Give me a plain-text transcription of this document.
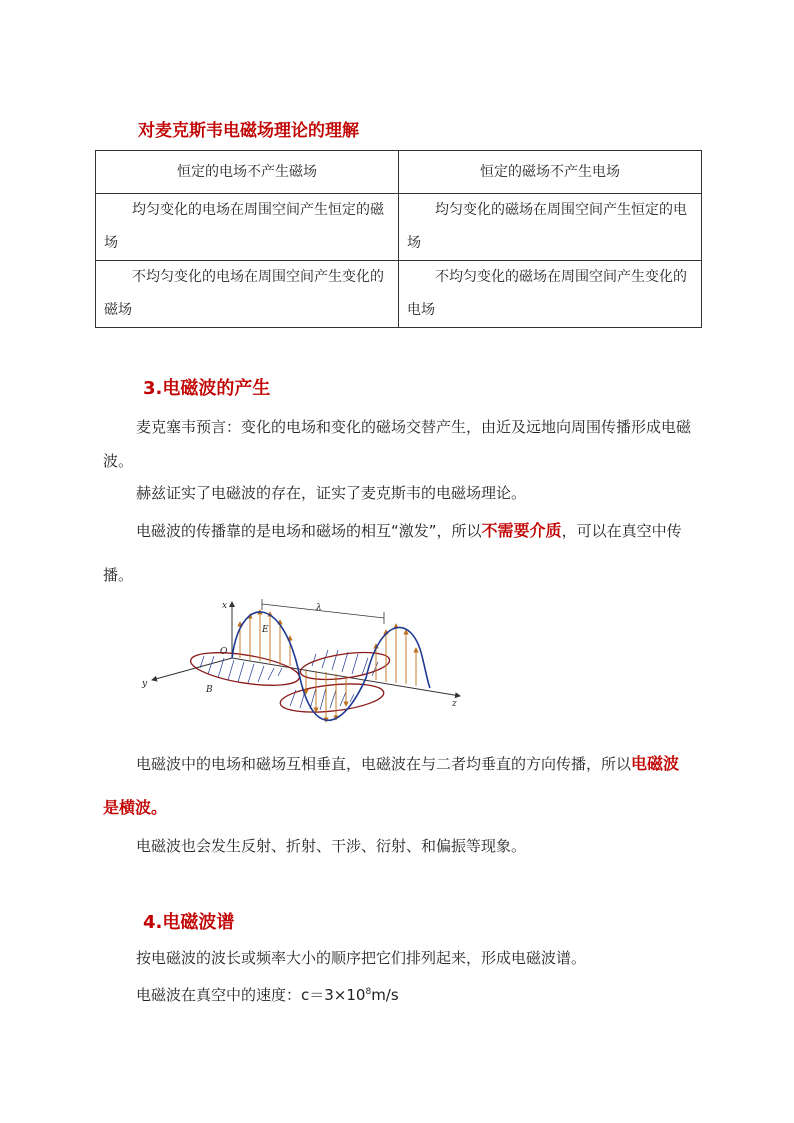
对麦克斯韦电磁场理论的理解
恒定的电场不产生磁场	恒定的磁场不产生电场
均匀变化的电场在周围空间产生恒定的磁场	均匀变化的磁场在周围空间产生恒定的电场
不均匀变化的电场在周围空间产生变化的磁场	不均匀变化的磁场在周围空间产生变化的电场
3.电磁波的产生
麦克塞韦预言：变化的电场和变化的磁场交替产生，由近及远地向周围传播形成电磁波。
赫兹证实了电磁波的存在，证实了麦克斯韦的电磁场理论。
电磁波的传播靠的是电场和磁场的相互“激发”，所以不需要介质，可以在真空中传播。
x
y
z
O
E
B
λ
电磁波中的电场和磁场互相垂直，电磁波在与二者均垂直的方向传播，所以电磁波是横波。
电磁波也会发生反射、折射、干涉、衍射、和偏振等现象。
4.电磁波谱
按电磁波的波长或频率大小的顺序把它们排列起来，形成电磁波谱。
电磁波在真空中的速度：$c=3\times 10^8m/s$
